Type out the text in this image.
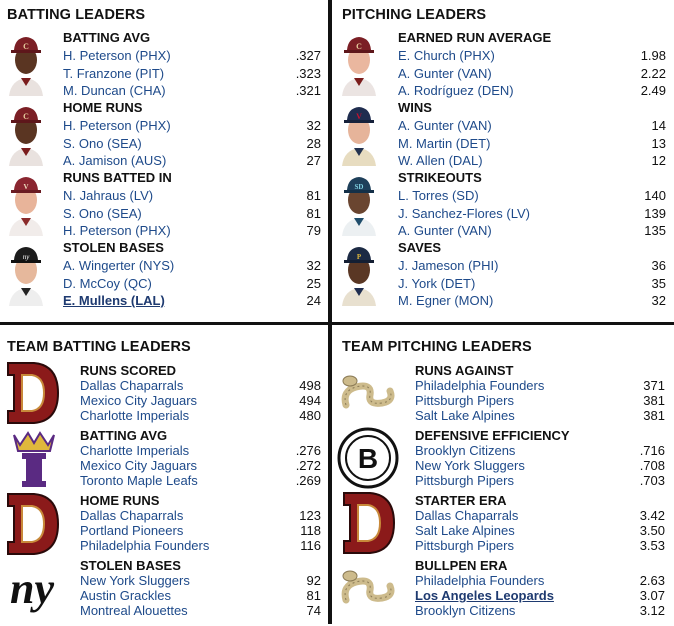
BATTING LEADERS
C
C
V
ny
BATTING AVG
H. Peterson (PHX)	.327
T. Franzone (PIT)	.323
M. Duncan (CHA)	.321
HOME RUNS
H. Peterson (PHX)	32
S. Ono (SEA)	28
A. Jamison (AUS)	27
RUNS BATTED IN
N. Jahraus (LV)	81
S. Ono (SEA)	81
H. Peterson (PHX)	79
STOLEN BASES
A. Wingerter (NYS)	32
D. McCoy (QC)	25
E. Mullens (LAL)	24
PITCHING LEADERS
C
V
SD
P
EARNED RUN AVERAGE
E. Church (PHX)	1.98
A. Gunter (VAN)	2.22
A. Rodríguez (DEN)	2.49
WINS
A. Gunter (VAN)	14
M. Martin (DET)	13
W. Allen (DAL)	12
STRIKEOUTS
L. Torres (SD)	140
J. Sanchez-Flores (LV)	139
A. Gunter (VAN)	135
SAVES
J. Jameson (PHI)	36
J. York (DET)	35
M. Egner (MON)	32
TEAM BATTING LEADERS
D
ny
RUNS SCORED
Dallas Chaparrals	498
Mexico City Jaguars	494
Charlotte Imperials	480
BATTING AVG
Charlotte Imperials	.276
Mexico City Jaguars	.272
Toronto Maple Leafs	.269
HOME RUNS
Dallas Chaparrals	123
Portland Pioneers	118
Philadelphia Founders	116
STOLEN BASES
New York Sluggers	92
Austin Grackles	81
Montreal Alouettes	74
TEAM PITCHING LEADERS
B
RUNS AGAINST
Philadelphia Founders	371
Pittsburgh Pipers	381
Salt Lake Alpines	381
DEFENSIVE EFFICIENCY
Brooklyn Citizens	.716
New York Sluggers	.708
Pittsburgh Pipers	.703
STARTER ERA
Dallas Chaparrals	3.42
Salt Lake Alpines	3.50
Pittsburgh Pipers	3.53
BULLPEN ERA
Philadelphia Founders	2.63
Los Angeles Leopards	3.07
Brooklyn Citizens	3.12
